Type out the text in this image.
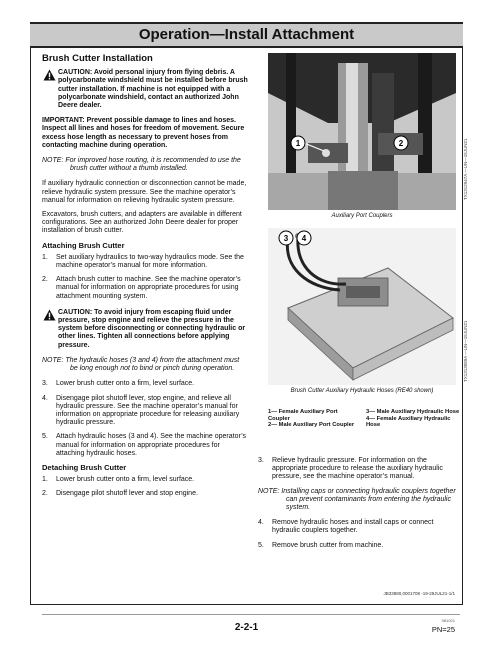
Operation—Install Attachment
Brush Cutter Installation
CAUTION: Avoid personal injury from flying debris. A polycarbonate windshield must be installed before brush cutter installation. If machine is not equipped with a polycarbonate windshield, contact an authorized John Deere dealer.
IMPORTANT: Prevent possible damage to lines and hoses. Inspect all lines and hoses for freedom of movement. Secure excess hose length as necessary to prevent hoses from contacting machine during operation.
NOTE: For improved hose routing, it is recommended to use the brush cutter without a thumb installed.

If auxiliary hydraulic connection or disconnection cannot be made, relieve hydraulic system pressure. See the machine operator’s manual for information on relieving hydraulic system pressure.

Excavators, brush cutters, and adapters are available in different configurations. See an authorized John Deere dealer for proper installation of brush cutter.

Attaching Brush Cutter
1. Set auxiliary hydraulics to two-way hydraulics mode. See the machine operator’s manual for more information.
2. Attach brush cutter to machine. See the machine operator’s manual for information on appropriate procedures for using attachment mounting system.
CAUTION: To avoid injury from escaping fluid under pressure, stop engine and relieve the pressure in the system before disconnecting or connecting hydraulic or other lines. Tighten all connections before applying pressure.
NOTE: The hydraulic hoses (3 and 4) from the attachment must be long enough not to bind or pinch during operation.
3. Lower brush cutter onto a firm, level surface.
4. Disengage pilot shutoff lever, stop engine, and relieve all hydraulic pressure. See the machine operator’s manual for information on appropriate procedure for releasing auxiliary hydraulic pressure.
5. Attach hydraulic hoses (3 and 4). See the machine operator’s manual for information on appropriate procedures for attaching hydraulic hoses.
Detaching Brush Cutter
1. Lower brush cutter onto a firm, level surface.
2. Disengage pilot shutoff lever and stop engine.
1	2	TX1312947A —UN—15JUN21
Auxiliary Port Couplers
3 4
TX1313089A —UN—15JUN21
Brush Cutter Auxiliary Hydraulic Hoses (RE40 shown)
1— Female Auxiliary Port Coupler
2— Male Auxiliary Port Coupler
3— Male Auxiliary Hydraulic Hose
4— Female Auxiliary Hydraulic Hose
3. Relieve hydraulic pressure. For information on the appropriate procedure to release the auxiliary hydraulic pressure, see the machine operator’s manual.
NOTE: Installing caps or connecting hydraulic couplers together can prevent contaminants from entering the hydraulic system.
4. Remove hydraulic hoses and install caps or connect hydraulic couplers together.
5. Remove brush cutter from machine.
JB33880,0001708 -19-29JUL21-1/1
081021
2-2-1	PN=25
